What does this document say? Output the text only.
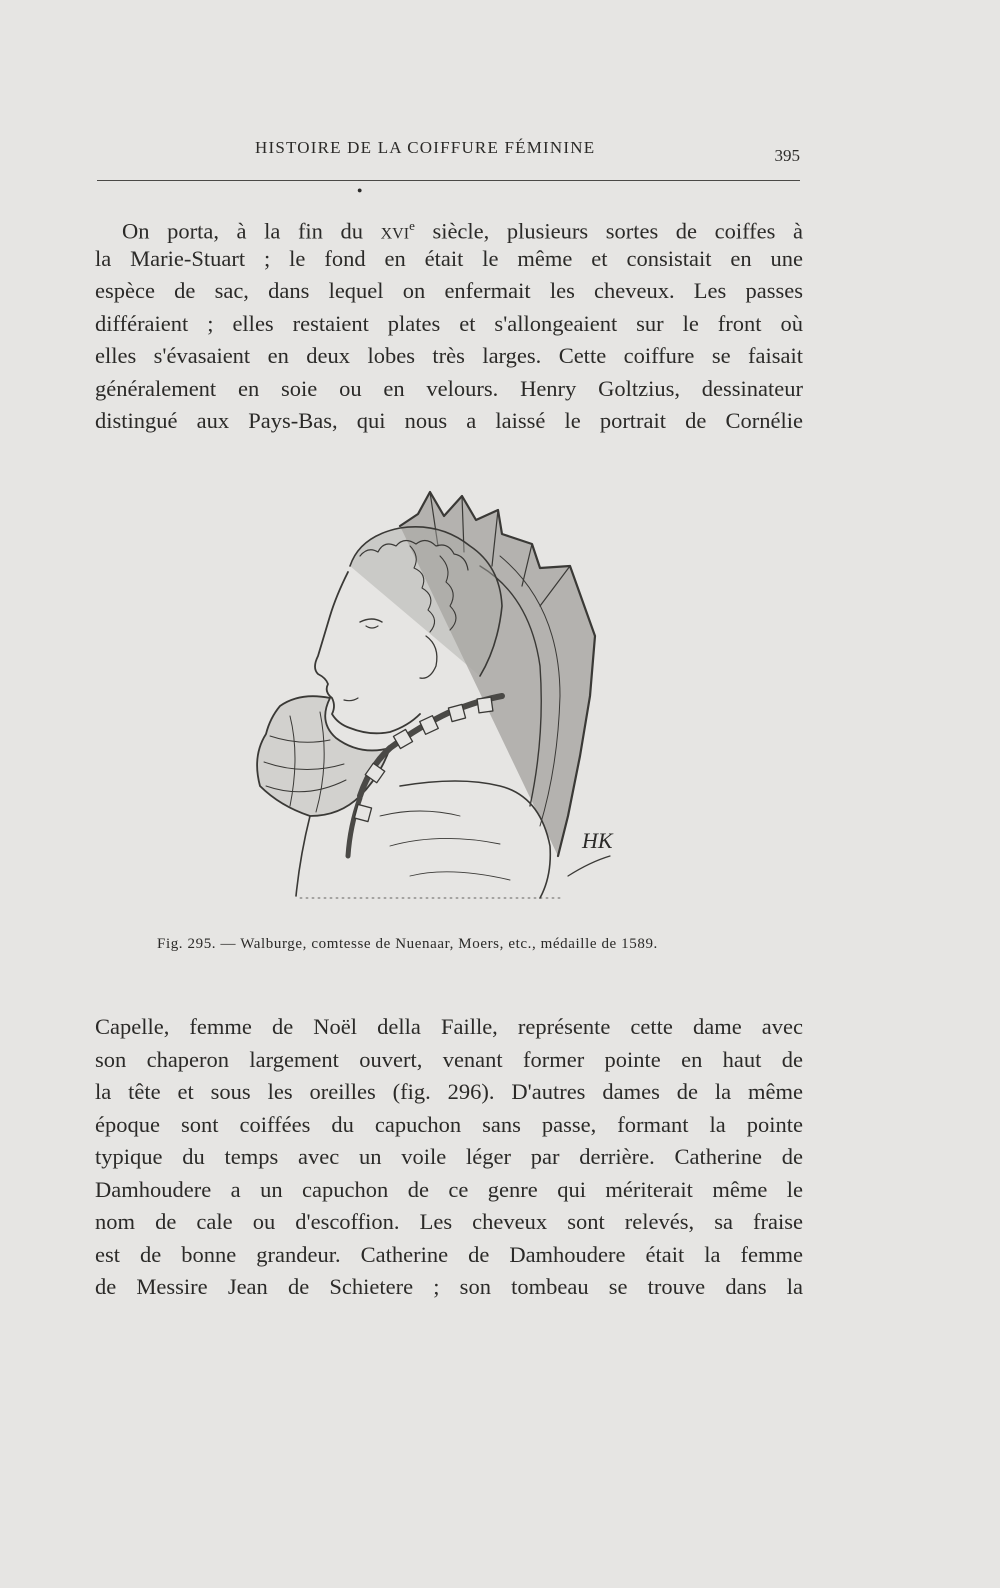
HISTOIRE DE LA COIFFURE FÉMININE	395
●
On porta, à la fin du xvi$^e$ siècle, plusieurs sortes de coiffes à
la Marie-Stuart ; le fond en était le même et consistait en une
espèce de sac, dans lequel on enfermait les cheveux. Les passes
différaient ; elles restaient plates et s'allongeaient sur le front où
elles s'évasaient en deux lobes très larges. Cette coiffure se faisait
généralement en soie ou en velours. Henry Goltzius, dessinateur
distingué aux Pays-Bas, qui nous a laissé le portrait de Cornélie
HK
Fig. 295. — Walburge, comtesse de Nuenaar, Moers, etc., médaille de 1589.
Capelle, femme de Noël della Faille, représente cette dame avec
son chaperon largement ouvert, venant former pointe en haut de
la tête et sous les oreilles (fig. 296). D'autres dames de la même
époque sont coiffées du capuchon sans passe, formant la pointe
typique du temps avec un voile léger par derrière. Catherine de
Damhoudere a un capuchon de ce genre qui mériterait même le
nom de cale ou d'escoffion. Les cheveux sont relevés, sa fraise
est de bonne grandeur. Catherine de Damhoudere était la femme
de Messire Jean de Schietere ; son tombeau se trouve dans la
